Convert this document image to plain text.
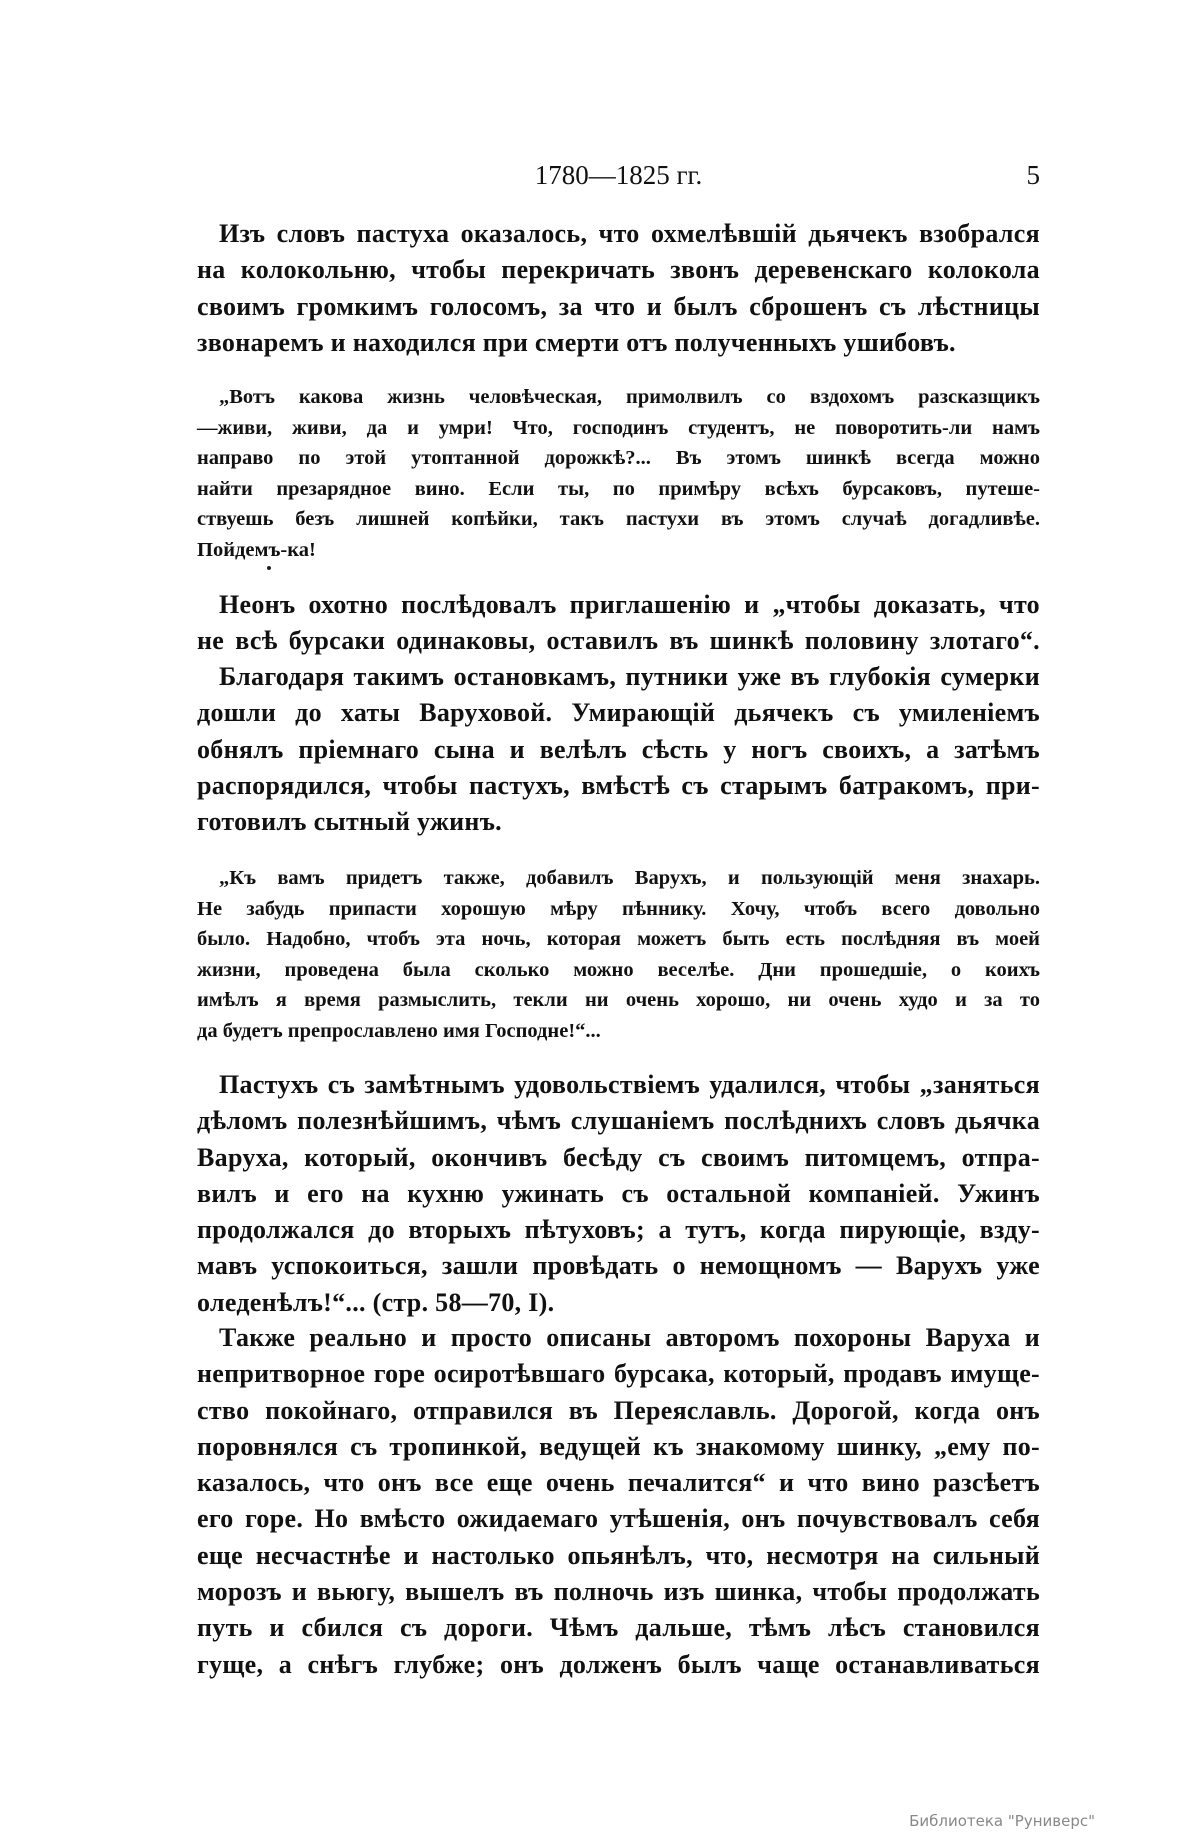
1780—1825 гг.	5
Изъ словъ пастуха оказалось, что охмелѣвшій дьячекъ взобрался
на колокольню, чтобы перекричать звонъ деревенскаго колокола
своимъ громкимъ голосомъ, за что и былъ сброшенъ съ лѣстницы
звонаремъ и находился при смерти отъ полученныхъ ушибовъ.
„Вотъ какова жизнь человѣческая, примолвилъ со вздохомъ разсказщикъ
—живи, живи, да и умри! Что, господинъ студентъ, не поворотить-ли намъ
направо по этой утоптанной дорожкѣ?... Въ этомъ шинкѣ всегда можно
найти презарядное вино. Если ты, по примѣру всѣхъ бурсаковъ, путеше-
ствуешь безъ лишней копѣйки, такъ пастухи въ этомъ случаѣ догадливѣе.
Пойдемъ-ка!
Неонъ охотно послѣдовалъ приглашенію и „чтобы доказать, что
не всѣ бурсаки одинаковы, оставилъ въ шинкѣ половину злотаго“.
Благодаря такимъ остановкамъ, путники уже въ глубокія сумерки
дошли до хаты Варуховой. Умирающій дьячекъ съ умиленіемъ
обнялъ пріемнаго сына и велѣлъ сѣсть у ногъ своихъ, а затѣмъ
распорядился, чтобы пастухъ, вмѣстѣ съ старымъ батракомъ, при-
готовилъ сытный ужинъ.
„Къ вамъ придетъ также, добавилъ Варухъ, и пользующій меня знахарь.
Не забудь припасти хорошую мѣру пѣннику. Хочу, чтобъ всего довольно
было. Надобно, чтобъ эта ночь, которая можетъ быть есть послѣдняя въ моей
жизни, проведена была сколько можно веселѣе. Дни прошедшіе, о коихъ
имѣлъ я время размыслить, текли ни очень хорошо, ни очень худо и за то
да будетъ препрославлено имя Господне!“...
Пастухъ съ замѣтнымъ удовольствіемъ удалился, чтобы „заняться
дѣломъ полезнѣйшимъ, чѣмъ слушаніемъ послѣднихъ словъ дьячка
Варуха, который, окончивъ бесѣду съ своимъ питомцемъ, отпра-
вилъ и его на кухню ужинать съ остальной компаніей. Ужинъ
продолжался до вторыхъ пѣтуховъ; а тутъ, когда пирующіе, взду-
мавъ успокоиться, зашли провѣдать о немощномъ — Варухъ уже
оледенѣлъ!“... (стр. 58—70, I).
Также реально и просто описаны авторомъ похороны Варуха и
непритворное горе осиротѣвшаго бурсака, который, продавъ имуще-
ство покойнаго, отправился въ Переяславль. Дорогой, когда онъ
поровнялся съ тропинкой, ведущей къ знакомому шинку, „ему по-
казалось, что онъ все еще очень печалится“ и что вино разсѣетъ
его горе. Но вмѣсто ожидаемаго утѣшенія, онъ почувствовалъ себя
еще несчастнѣе и настолько опьянѣлъ, что, несмотря на сильный
морозъ и вьюгу, вышелъ въ полночь изъ шинка, чтобы продолжать
путь и сбился съ дороги. Чѣмъ дальше, тѣмъ лѣсъ становился
гуще, а снѣгъ глубже; онъ долженъ былъ чаще останавливаться
Библиотека "Руниверс"
